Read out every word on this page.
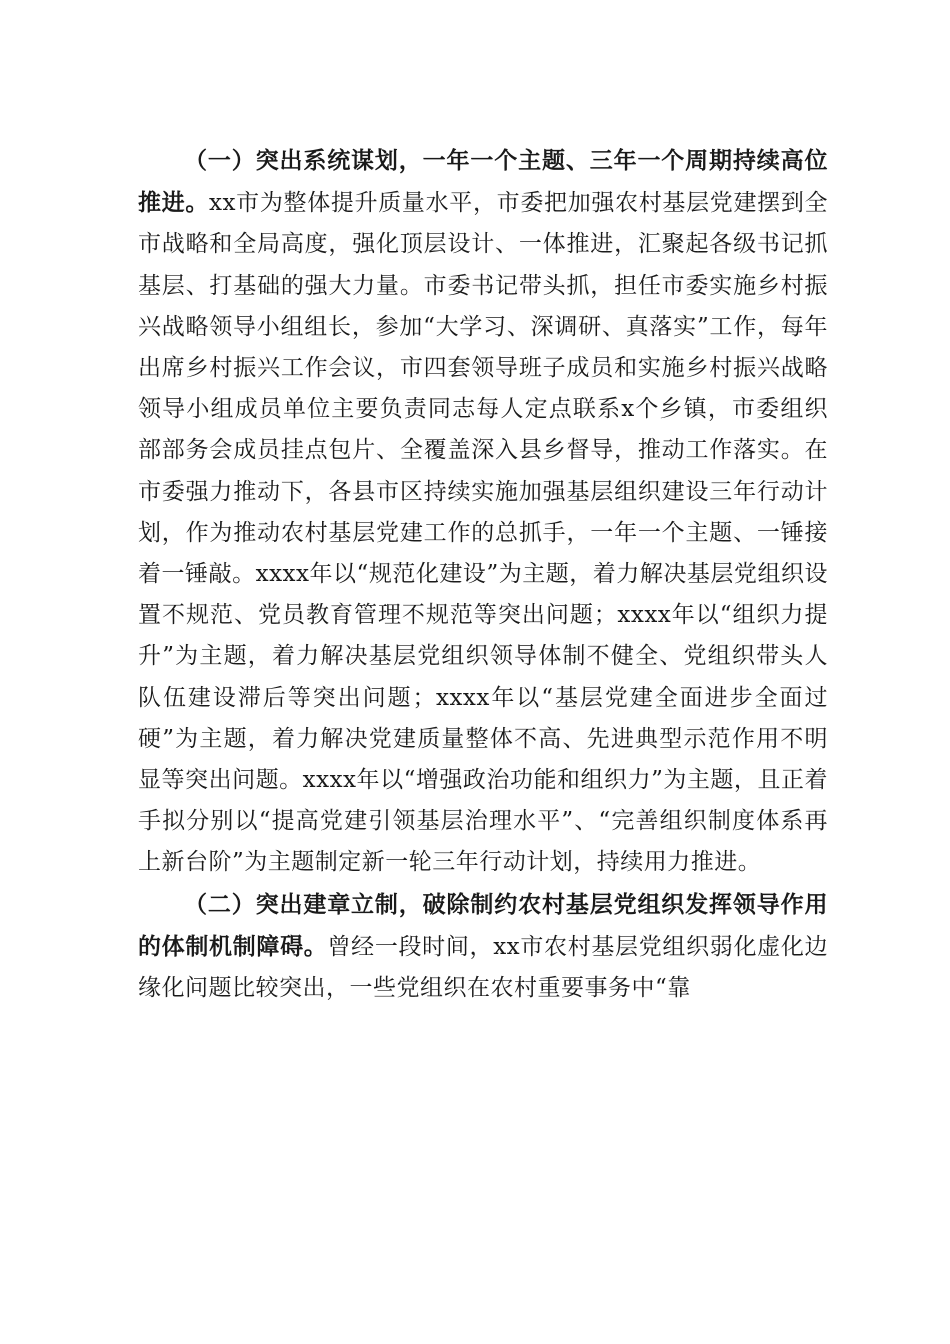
（一）突出系统谋划，一年一个主题、三年一个周期持续高位推进。xx市为整体提升质量水平，市委把加强农村基层党建摆到全市战略和全局高度，强化顶层设计、一体推进，汇聚起各级书记抓基层、打基础的强大力量。市委书记带头抓，担任市委实施乡村振兴战略领导小组组长，参加“大学习、深调研、真落实”工作，每年出席乡村振兴工作会议，市四套领导班子成员和实施乡村振兴战略领导小组成员单位主要负责同志每人定点联系x个乡镇，市委组织部部务会成员挂点包片、全覆盖深入县乡督导，推动工作落实。在市委强力推动下，各县市区持续实施加强基层组织建设三年行动计划，作为推动农村基层党建工作的总抓手，一年一个主题、一锤接着一锤敲。xxxx年以“规范化建设”为主题，着力解决基层党组织设置不规范、党员教育管理不规范等突出问题；xxxx年以“组织力提升”为主题，着力解决基层党组织领导体制不健全、党组织带头人队伍建设滞后等突出问题；xxxx年以“基层党建全面进步全面过硬”为主题，着力解决党建质量整体不高、先进典型示范作用不明显等突出问题。xxxx年以“增强政治功能和组织力”为主题，且正着手拟分别以“提高党建引领基层治理水平”、“完善组织制度体系再上新台阶”为主题制定新一轮三年行动计划，持续用力推进。

（二）突出建章立制，破除制约农村基层党组织发挥领导作用的体制机制障碍。曾经一段时间，xx市农村基层党组织弱化虚化边缘化问题比较突出，一些党组织在农村重要事务中“靠
